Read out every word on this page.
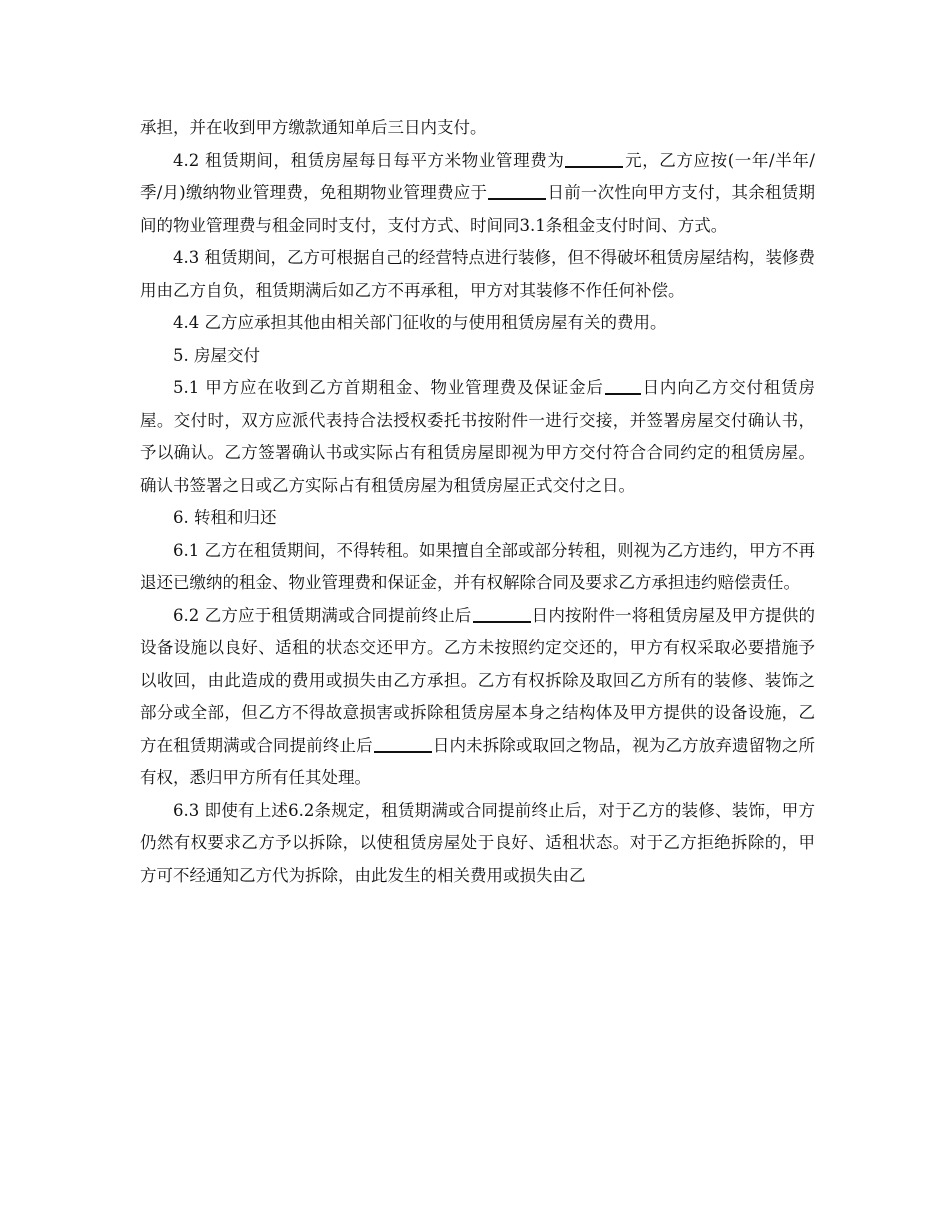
承担，并在收到甲方缴款通知单后三日内支付。

4.2 租赁期间，租赁房屋每日每平方米物业管理费为	元，乙方应按(一年/半年/季/月)缴纳物业管理费，免租期物业管理费应于	日前一次性向甲方支付，其余租赁期间的物业管理费与租金同时支付，支付方式、时间同3.1条租金支付时间、方式。

4.3 租赁期间，乙方可根据自己的经营特点进行装修，但不得破坏租赁房屋结构，装修费用由乙方自负，租赁期满后如乙方不再承租，甲方对其装修不作任何补偿。

4.4 乙方应承担其他由相关部门征收的与使用租赁房屋有关的费用。

5. 房屋交付

5.1 甲方应在收到乙方首期租金、物业管理费及保证金后 日内向乙方交付租赁房屋。交付时，双方应派代表持合法授权委托书按附件一进行交接，并签署房屋交付确认书，予以确认。乙方签署确认书或实际占有租赁房屋即视为甲方交付符合合同约定的租赁房屋。确认书签署之日或乙方实际占有租赁房屋为租赁房屋正式交付之日。

6. 转租和归还

6.1 乙方在租赁期间，不得转租。如果擅自全部或部分转租，则视为乙方违约，甲方不再退还已缴纳的租金、物业管理费和保证金，并有权解除合同及要求乙方承担违约赔偿责任。

6.2 乙方应于租赁期满或合同提前终止后	日内按附件一将租赁房屋及甲方提供的设备设施以良好、适租的状态交还甲方。乙方未按照约定交还的，甲方有权采取必要措施予以收回，由此造成的费用或损失由乙方承担。乙方有权拆除及取回乙方所有的装修、装饰之部分或全部，但乙方不得故意损害或拆除租赁房屋本身之结构体及甲方提供的设备设施，乙方在租赁期满或合同提前终止后	日内未拆除或取回之物品，视为乙方放弃遗留物之所有权，悉归甲方所有任其处理。

6.3 即使有上述6.2条规定，租赁期满或合同提前终止后，对于乙方的装修、装饰，甲方仍然有权要求乙方予以拆除，以使租赁房屋处于良好、适租状态。对于乙方拒绝拆除的，甲方可不经通知乙方代为拆除，由此发生的相关费用或损失由乙
